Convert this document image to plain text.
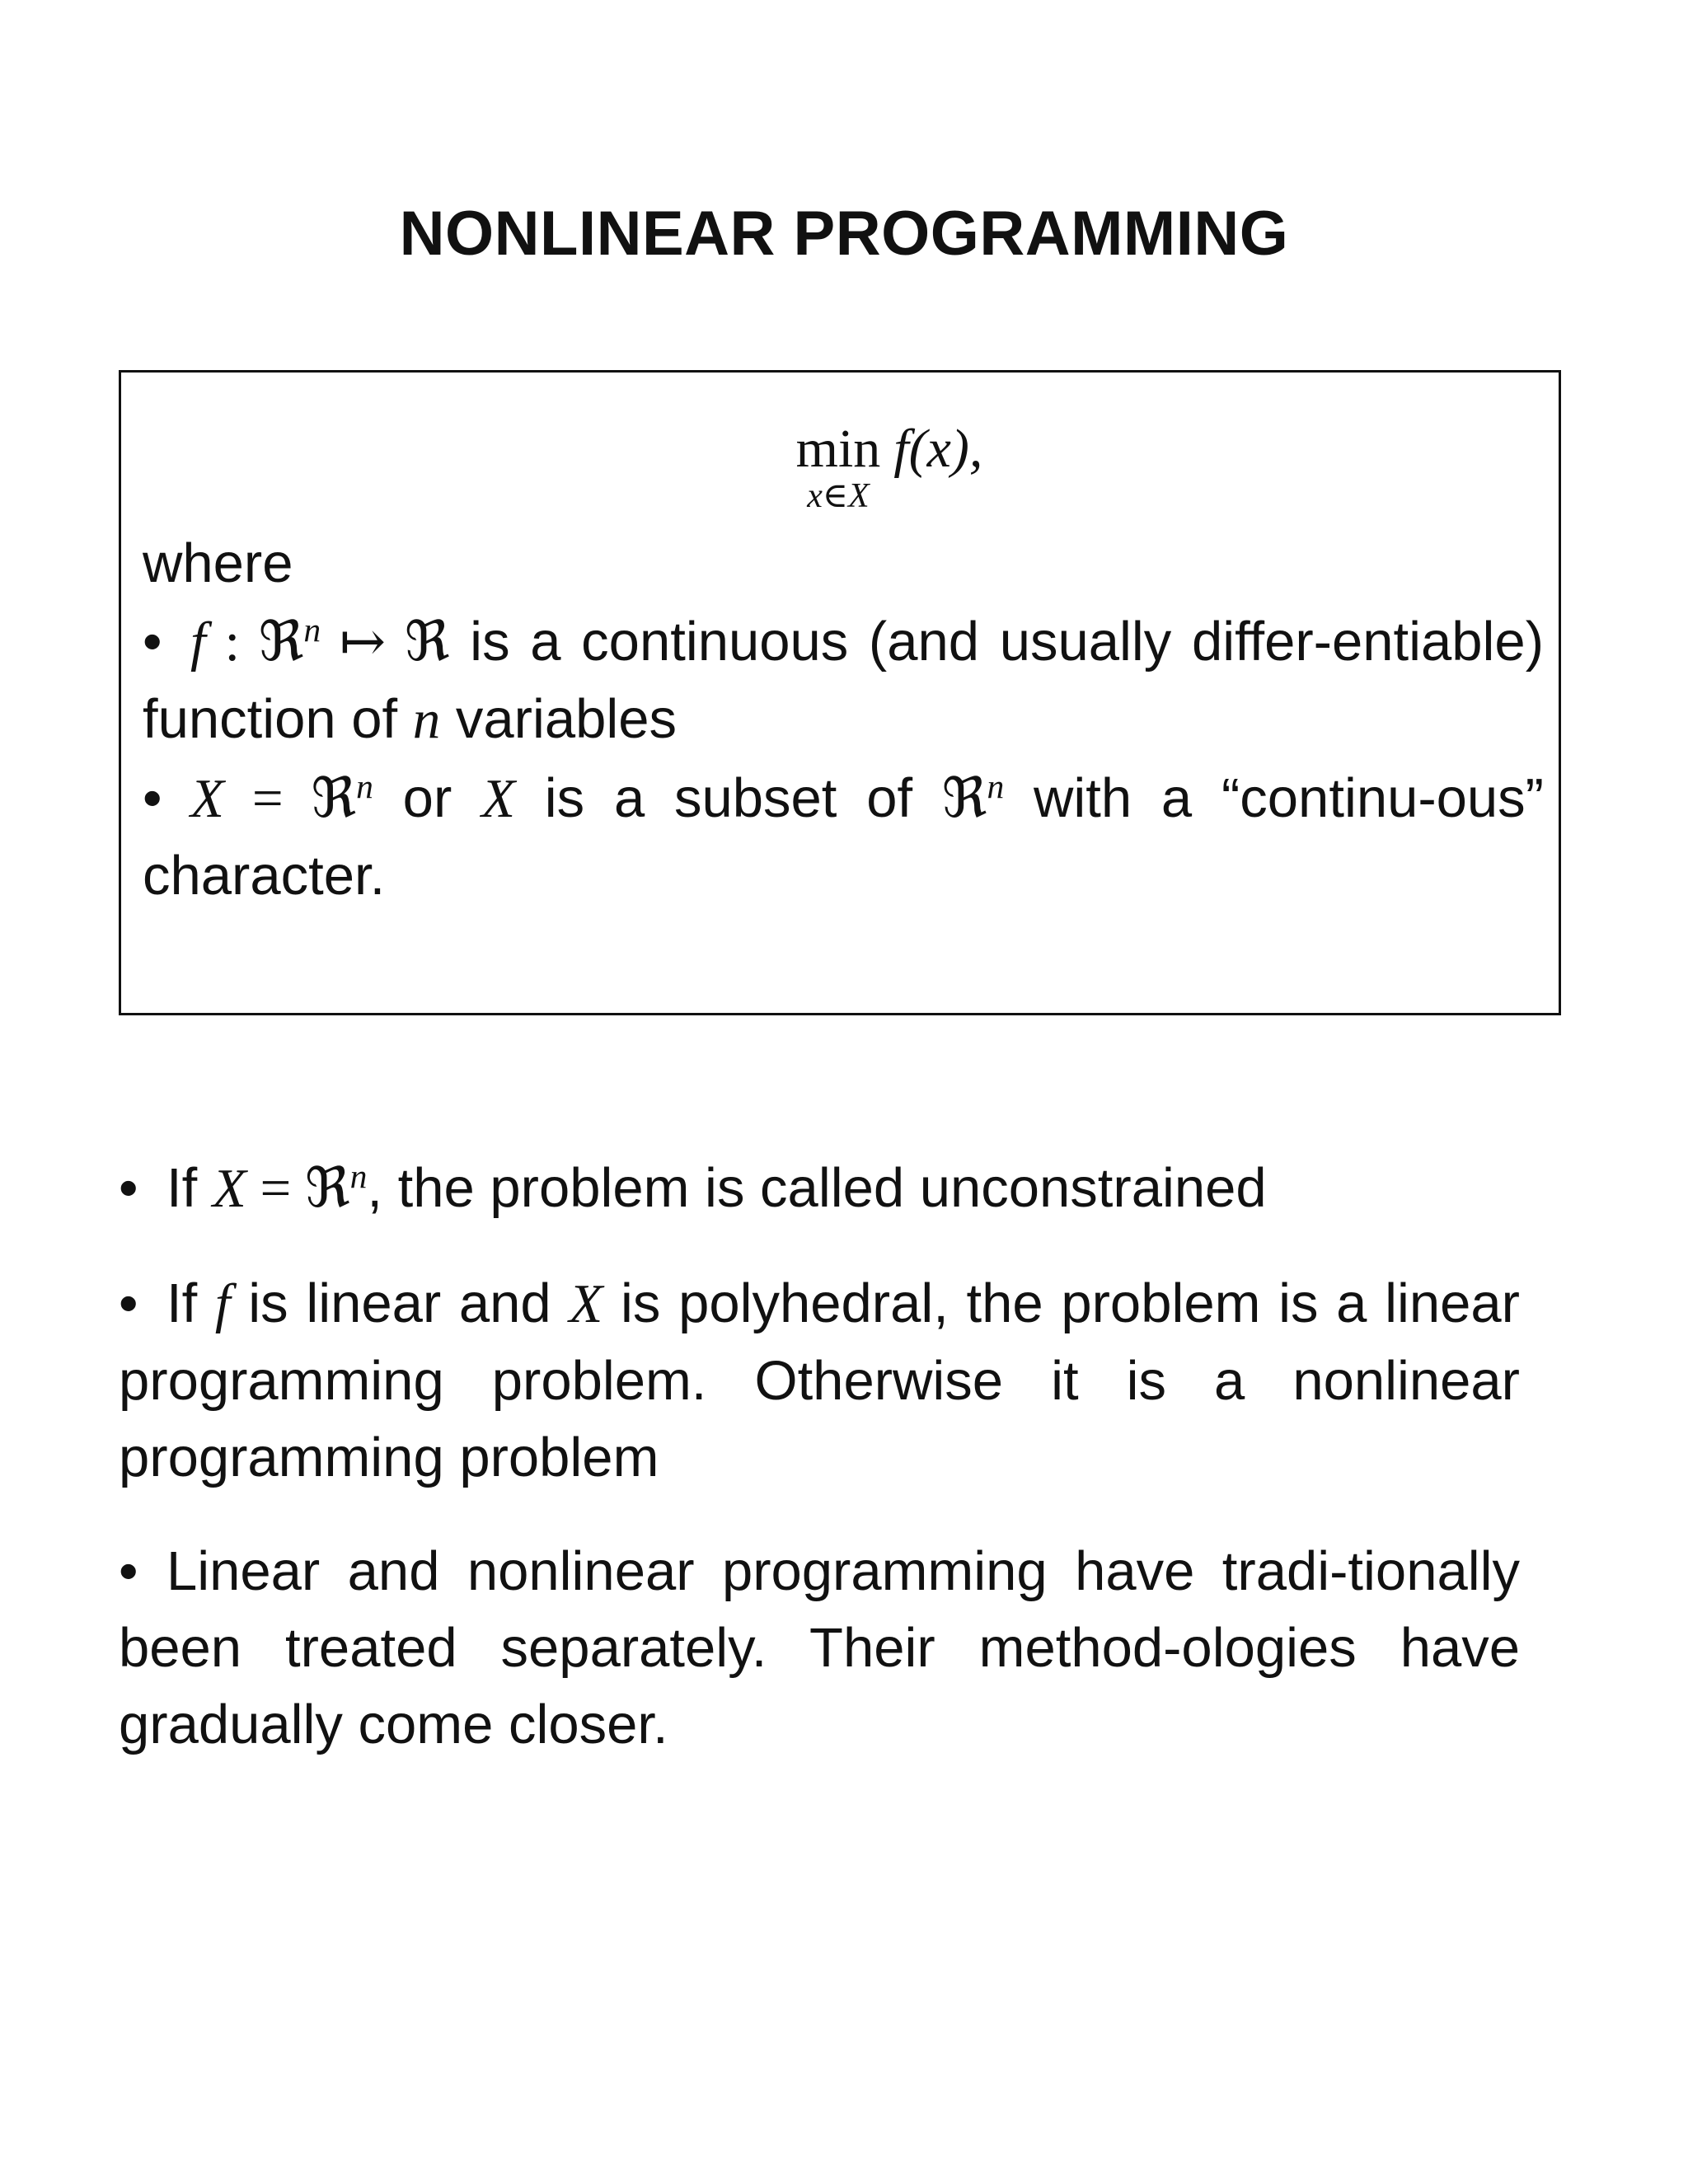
NONLINEAR PROGRAMMING
min
x∈X
f(x),

where

• f : ℜ$^n$ ↦ ℜ is a continuous (and usually differ-entiable) function of n variables

• X = ℜ$^n$ or X is a subset of ℜ$^n$ with a “continu-ous” character.

• If X = ℜ$^n$, the problem is called unconstrained

• If f is linear and X is polyhedral, the problem is a linear programming problem. Otherwise it is a nonlinear programming problem

• Linear and nonlinear programming have tradi-tionally been treated separately. Their method-ologies have gradually come closer.
